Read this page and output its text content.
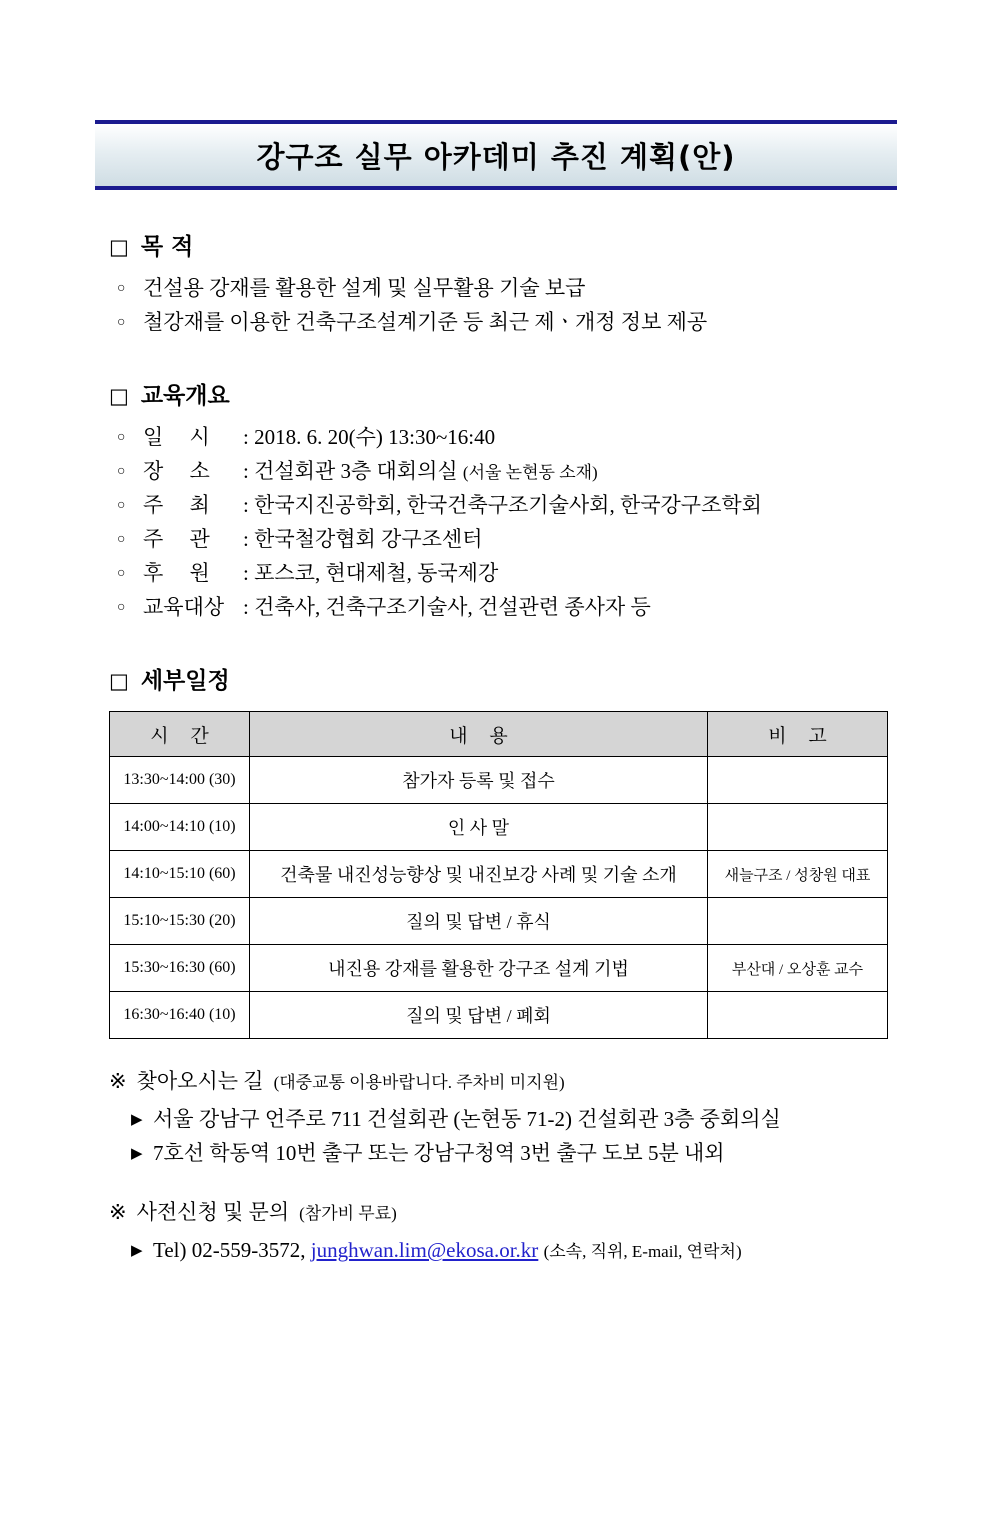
강구조 실무 아카데미 추진 계획(안)
□ 목 적
○ 건설용 강재를 활용한 설계 및 실무활용 기술 보급
○ 철강재를 이용한 건축구조설계기준 등 최근 제ㆍ개정 정보 제공
□ 교육개요
○ 일 시	:
2018. 6. 20(수) 13:30~16:40
○ 장 소	:
건설회관 3층 대회의실
(서울 논현동 소재)
○ 주 최	:
한국지진공학회, 한국건축구조기술사회, 한국강구조학회
○ 주 관	:
한국철강협회 강구조센터
○ 후 원	:
포스코, 현대제철, 동국제강
○ 교육대상 :
건축사, 건축구조기술사, 건설관련 종사자 등
□ 세부일정
시 간	내 용	비 고
13:30~14:00 (30)	참가자 등록 및 접수	
14:00~14:10 (10)	인 사 말	
14:10~15:10 (60)	건축물 내진성능향상 및 내진보강 사례 및 기술 소개	새늘구조 / 성창원 대표
15:10~15:30 (20)	질의 및 답변 / 휴식	
15:30~16:30 (60)	내진용 강재를 활용한 강구조 설계 기법	부산대 / 오상훈 교수
16:30~16:40 (10)	질의 및 답변 / 폐회	
※ 찾아오시는 길 (대중교통 이용바랍니다. 주차비 미지원)
▶ 서울 강남구 언주로 711 건설회관 (논현동 71-2) 건설회관 3층 중회의실
▶ 7호선 학동역 10번 출구 또는 강남구청역 3번 출구 도보 5분 내외
※ 사전신청 및 문의 (참가비 무료)
▶ Tel) 02-559-3572,
junghwan.lim@ekosa.or.kr
(소속, 직위, E-mail, 연락처)
